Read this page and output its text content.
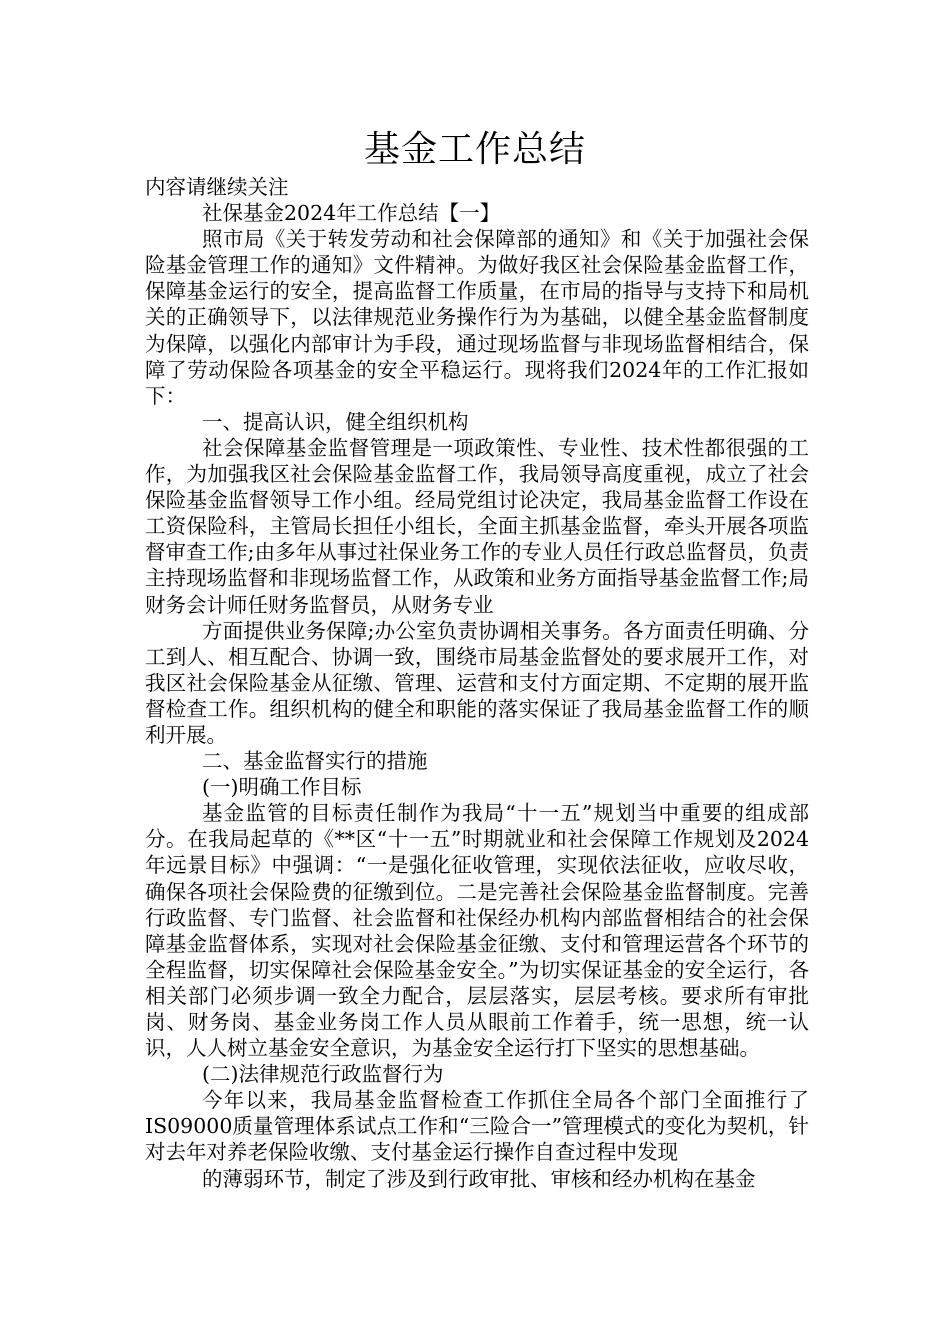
基金工作总结

内容请继续关注

社保基金2024年工作总结【一】

照市局《关于转发劳动和社会保障部的通知》和《关于加强社会保险基金管理工作的通知》文件精神。为做好我区社会保险基金监督工作，保障基金运行的安全，提高监督工作质量，在市局的指导与支持下和局机关的正确领导下，以法律规范业务操作行为为基础，以健全基金监督制度为保障，以强化内部审计为手段，通过现场监督与非现场监督相结合，保障了劳动保险各项基金的安全平稳运行。现将我们2024年的工作汇报如下：

一、提高认识，健全组织机构

社会保障基金监督管理是一项政策性、专业性、技术性都很强的工作，为加强我区社会保险基金监督工作，我局领导高度重视，成立了社会保险基金监督领导工作小组。经局党组讨论决定，我局基金监督工作设在工资保险科，主管局长担任小组长，全面主抓基金监督，牵头开展各项监督审查工作;由多年从事过社保业务工作的专业人员任行政总监督员，负责主持现场监督和非现场监督工作，从政策和业务方面指导基金监督工作;局财务会计师任财务监督员，从财务专业

方面提供业务保障;办公室负责协调相关事务。各方面责任明确、分工到人、相互配合、协调一致，围绕市局基金监督处的要求展开工作，对我区社会保险基金从征缴、管理、运营和支付方面定期、不定期的展开监督检查工作。组织机构的健全和职能的落实保证了我局基金监督工作的顺利开展。

二、基金监督实行的措施

(一)明确工作目标

基金监管的目标责任制作为我局“十一五”规划当中重要的组成部分。在我局起草的《**区“十一五”时期就业和社会保障工作规划及2024年远景目标》中强调：“一是强化征收管理，实现依法征收，应收尽收，确保各项社会保险费的征缴到位。二是完善社会保险基金监督制度。完善行政监督、专门监督、社会监督和社保经办机构内部监督相结合的社会保障基金监督体系，实现对社会保险基金征缴、支付和管理运营各个环节的全程监督，切实保障社会保险基金安全。”为切实保证基金的安全运行，各相关部门必须步调一致全力配合，层层落实，层层考核。要求所有审批岗、财务岗、基金业务岗工作人员从眼前工作着手，统一思想，统一认识，人人树立基金安全意识，为基金安全运行打下坚实的思想基础。

(二)法律规范行政监督行为

今年以来，我局基金监督检查工作抓住全局各个部门全面推行了IS09000质量管理体系试点工作和“三险合一”管理模式的变化为契机，针对去年对养老保险收缴、支付基金运行操作自查过程中发现

的薄弱环节，制定了涉及到行政审批、审核和经办机构在基金
